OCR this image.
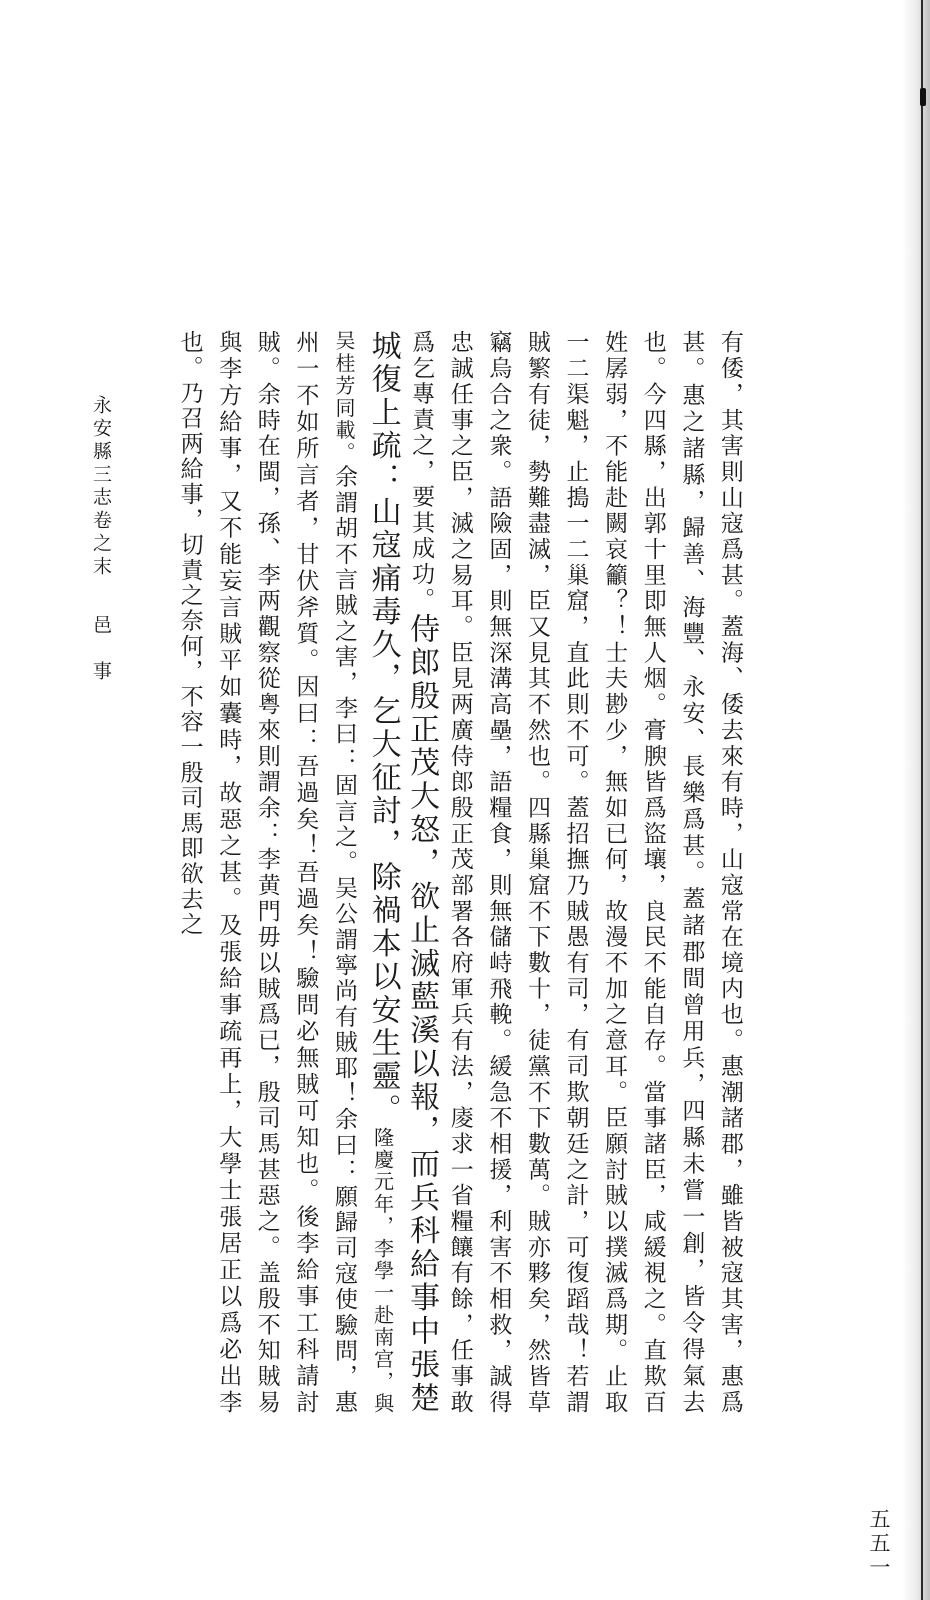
有倭，其害則山寇爲甚。蓋海、倭去來有時，山寇常在境内也。惠潮諸郡，雖皆被寇其害，惠爲甚。惠之諸縣，歸善、海豐、永安、長樂爲甚。蓋諸郡間曾用兵，四縣未嘗一創，皆令得氣去也。今四縣，出郭十里即無人烟。膏腴皆爲盜壤，良民不能自存。當事諸臣，咸緩視之。直欺百姓孱弱，不能赴闕哀籲？！士夫尠少，無如已何，故漫不加之意耳。臣願討賊以撲滅爲期。止取一二渠魁，止搗一二巢窟，直此則不可。蓋招撫乃賊愚有司，有司欺朝廷之計，可復蹈哉！若謂賊繁有徒，勢難盡滅，臣又見其不然也。四縣巢窟不下數十，徒黨不下數萬。賊亦夥矣，然皆草竊烏合之衆。語險固，則無深溝高壘，語糧食，則無儲峙飛輓。緩急不相援，利害不相救，誠得忠誠任事之臣，滅之易耳。臣見两廣侍郎殷正茂部署各府軍兵有法，庱求一省糧饟有餘，任事敢爲乞專責之，要其成功。侍郎殷正茂大怒，欲止滅藍溪以報，而兵科給事中張楚城復上疏：山寇痛毒久，乞大征討，除禍本以安生靈。隆慶元年，李學一赴南宫，與吴桂芳同載。余謂胡不言賊之害，李曰：固言之。吴公謂寧尚有賊耶！余曰：願歸司寇使驗問，惠州一不如所言者，甘伏斧質。因曰：吾過矣！吾過矣！驗問必無賊可知也。後李給事工科請討賊。余時在閩，孫、李两觀察從粤來則謂余：李黄門毋以賊爲已，殷司馬甚惡之。盖殷不知賊易與李方給事，又不能妄言賊平如囊時，故惡之甚。及張給事疏再上，大學士張居正以爲必出李也。乃召两給事，切責之奈何，不容一殷司馬即欲去之
永安縣三志卷之末邑　事
五五一
